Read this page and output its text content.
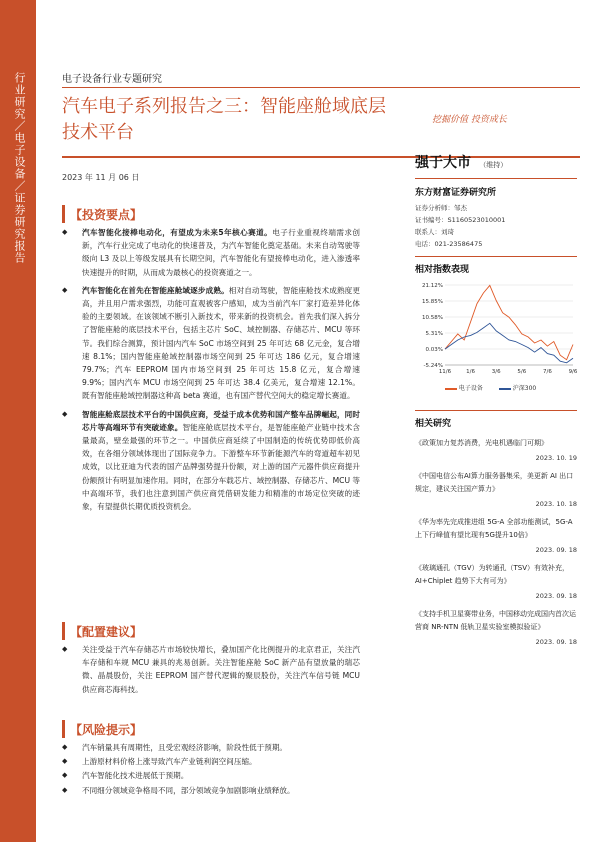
行业研究／电子设备／证券研究报告	电子设备行业专题研究
汽车电子系列报告之三：智能座舱域底层技术平台
挖掘价值 投资成长
2023 年 11 月 06 日
强于大市 （维持）
东方财富证券研究所
证券分析师：邹杰
证书编号：S1160523010001
联系人：刘琦
电话：021-23586475
相对指数表现
21.12%
15.85%
10.58%
5.31%
0.03%
-5.24%
11/6	1/6	3/6	5/6	7/6	9/6
电子设备	沪深300
相关研究
《政策加力复苏消费，光电机遇临门可期》
2023. 10. 19
《中国电信公布AI算力服务器集采，美更新 AI 出口规定，建议关注国产算力》
2023. 10. 18
《华为率先完成推进组 5G-A 全部功能测试，5G-A上下行峰值有望比现有5G提升10倍》
2023. 09. 18
《玻璃通孔（TGV）为转通孔（TSV）有效补充，AI+Chiplet 趋势下大有可为》
2023. 09. 18
《支持手机卫星赛带业务，中国移动完成国内首次运营商 NR-NTN 低轨卫星实验室模拟验证》
2023. 09. 18
【投资要点】
◆ 汽车智能化接棒电动化，有望成为未来5年核心赛道。电子行业重视终端需求创新，汽车行业完成了电动化的快速普及，为汽车智能化奠定基础。未来自动驾驶等级向 L3 及以上等级发展具有长期空间，汽车智能化有望接棒电动化，进入渗透率快速提升的时期，从而成为最核心的投资赛道之一。
◆ 汽车智能化在首先在智能座舱域逐步成熟。相对自动驾驶，智能座舱技术成熟度更高，并且用户需求强烈，功能可直观被客户感知，成为当前汽车厂家打造差异化体验的主要领域。在该领域不断引入新技术，带来新的投资机会。首先我们深入拆分了智能座舱的底层技术平台，包括主芯片 SoC、域控制器、存储芯片、MCU 等环节。我们综合测算，预计国内汽车 SoC 市场空间到 25 年可达 68 亿元金，复合增速 8.1%；国内智能座舱域控制器市场空间到 25 年可达 186 亿元，复合增速 79.7%；汽车 EEPROM 国内市场空间到 25 年可达 15.8 亿元，复合增速 9.9%；国内汽车 MCU 市场空间到 25 年可达 38.4 亿美元，复合增速 12.1%。既有智能座舱域控制器这种高 beta 赛道，也有国产替代空间大的稳定增长赛道。
◆ 智能座舱底层技术平台的中国供应商，受益于成本优势和国产整车品牌崛起，同时芯片等高端环节有突破迹象。智能座舱底层技术平台，是智能座舱产业链中技术含量最高，壁垒最强的环节之一。中国供应商延续了中国制造的传统优势即低价高效，在各细分领域体现出了国际竞争力。下游整车环节新能源汽车的弯道超车初见成效，以比亚迪为代表的国产品牌强势提升份额，对上游的国产元器件供应商提升份额预计有明显加速作用。同时，在部分车载芯片、域控制器、存储芯片、MCU 等中高端环节，我们也注意到国产供应商凭借研发能力和精准的市场定位突破的迹象，有望提供长期优质投资机会。
【配置建议】
◆ 关注受益于汽车存储芯片市场较快增长，叠加国产化比例提升的北京君正，关注汽车存储和车规 MCU 兼具的兆易创新。关注智能座舱 SoC 新产品有望放量的瑞芯微、晶晨股份，关注 EEPROM 国产替代逻辑的聚辰股份，关注汽车信号链 MCU 供应商芯海科技。
【风险提示】
◆ 汽车销量具有周期性，且受宏观经济影响，阶段性低于预期。
◆ 上游原材料价格上涨导致汽车产业链利润空间压缩。
◆ 汽车智能化技术进展低于预期。
◆ 不同细分领域竞争格局不同，部分领域竞争加剧影响业绩释放。
